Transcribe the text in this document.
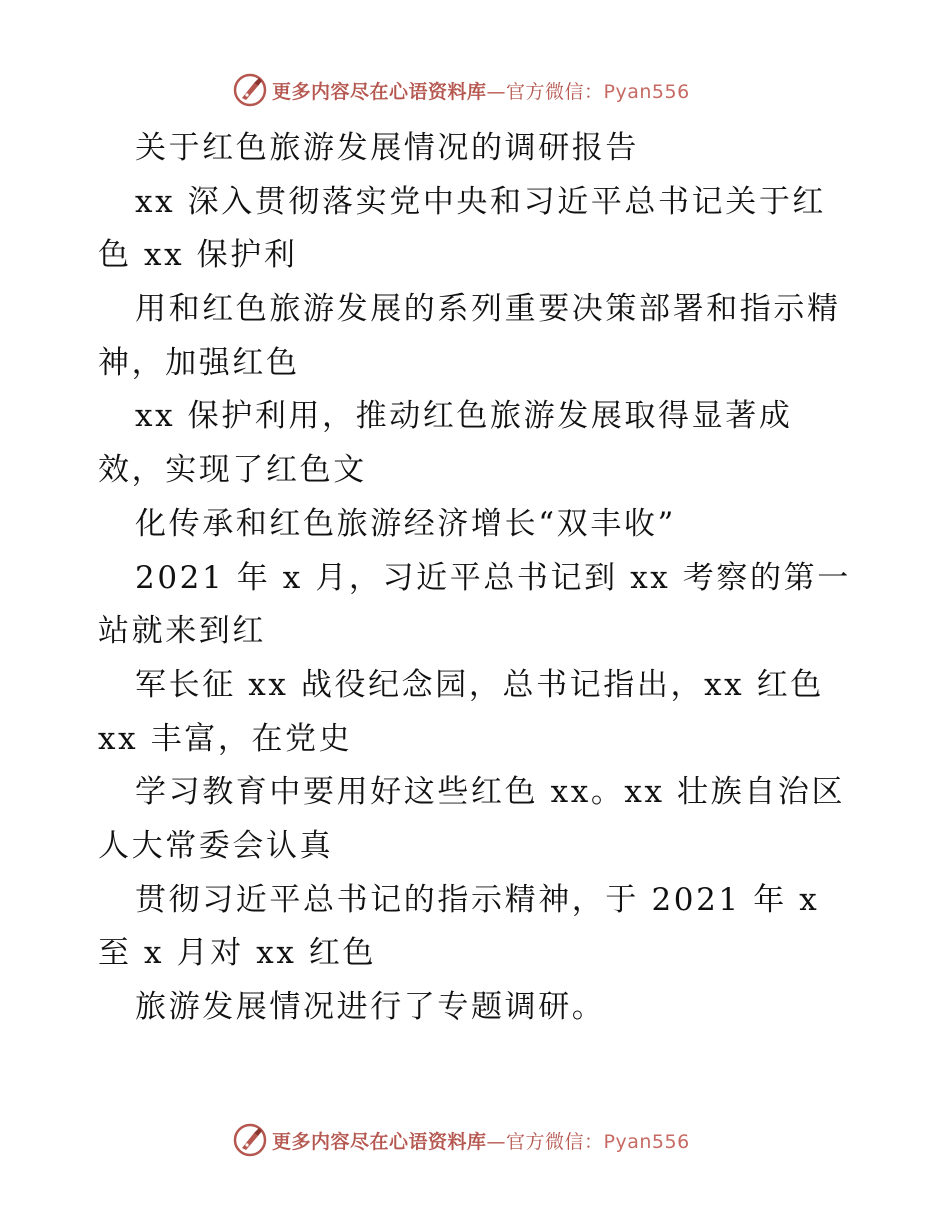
更多内容尽在心语资料库—官方微信：Pyan556
关于红色旅游发展情况的调研报告
xx 深入贯彻落实党中央和习近平总书记关于红
色 xx 保护利
用和红色旅游发展的系列重要决策部署和指示精
神，加强红色
xx 保护利用，推动红色旅游发展取得显著成
效，实现了红色文
化传承和红色旅游经济增长“双丰收”
2021 年 x 月，习近平总书记到 xx 考察的第一
站就来到红
军长征 xx 战役纪念园，总书记指出，xx 红色
xx 丰富，在党史
学习教育中要用好这些红色 xx。xx 壮族自治区
人大常委会认真
贯彻习近平总书记的指示精神，于 2021 年 x
至 x 月对 xx 红色
旅游发展情况进行了专题调研。
更多内容尽在心语资料库—官方微信：Pyan556
